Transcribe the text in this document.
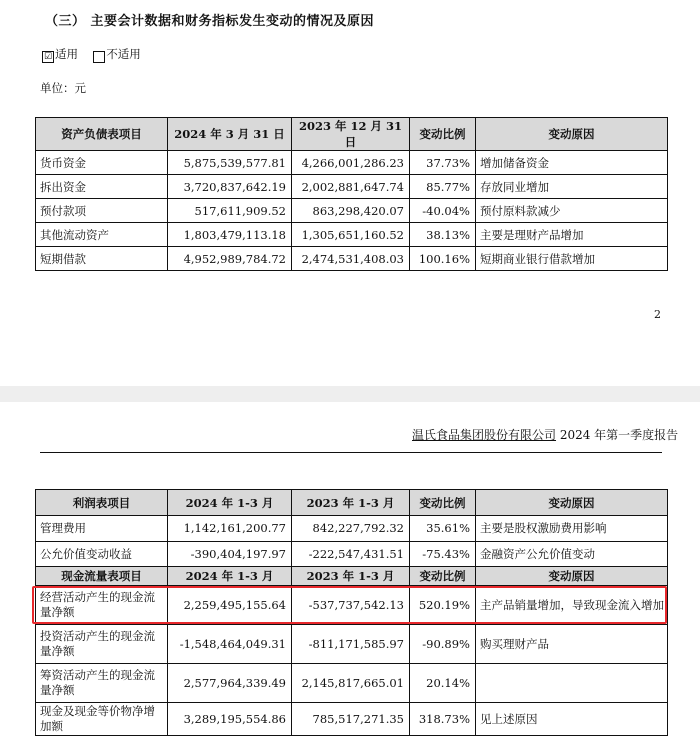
（三） 主要会计数据和财务指标发生变动的情况及原因
☑ 适用 不适用
单位：元
资产负债表项目	2024 年 3 月 31 日	2023 年 12 月 31 日	变动比例	变动原因
货币资金	5,875,539,577.81	4,266,001,286.23	37.73%	增加储备资金
拆出资金	3,720,837,642.19	2,002,881,647.74	85.77%	存放同业增加
预付款项	517,611,909.52	863,298,420.07	-40.04%	预付原料款减少
其他流动资产	1,803,479,113.18	1,305,651,160.52	38.13%	主要是理财产品增加
短期借款	4,952,989,784.72	2,474,531,408.03	100.16%	短期商业银行借款增加
2
温氏食品集团股份有限公司 2024 年第一季度报告
利润表项目	2024 年 1-3 月	2023 年 1-3 月	变动比例	变动原因
管理费用	1,142,161,200.77	842,227,792.32	35.61%	主要是股权激励费用影响
公允价值变动收益	-390,404,197.97	-222,547,431.51	-75.43%	金融资产公允价值变动
现金流量表项目	2024 年 1-3 月	2023 年 1-3 月	变动比例	变动原因
经营活动产生的现金流量净额	2,259,495,155.64	-537,737,542.13	520.19%	主产品销量增加，导致现金流入增加
投资活动产生的现金流量净额	-1,548,464,049.31	-811,171,585.97	-90.89%	购买理财产品
筹资活动产生的现金流量净额	2,577,964,339.49	2,145,817,665.01	20.14%	
现金及现金等价物净增加额	3,289,195,554.86	785,517,271.35	318.73%	见上述原因
